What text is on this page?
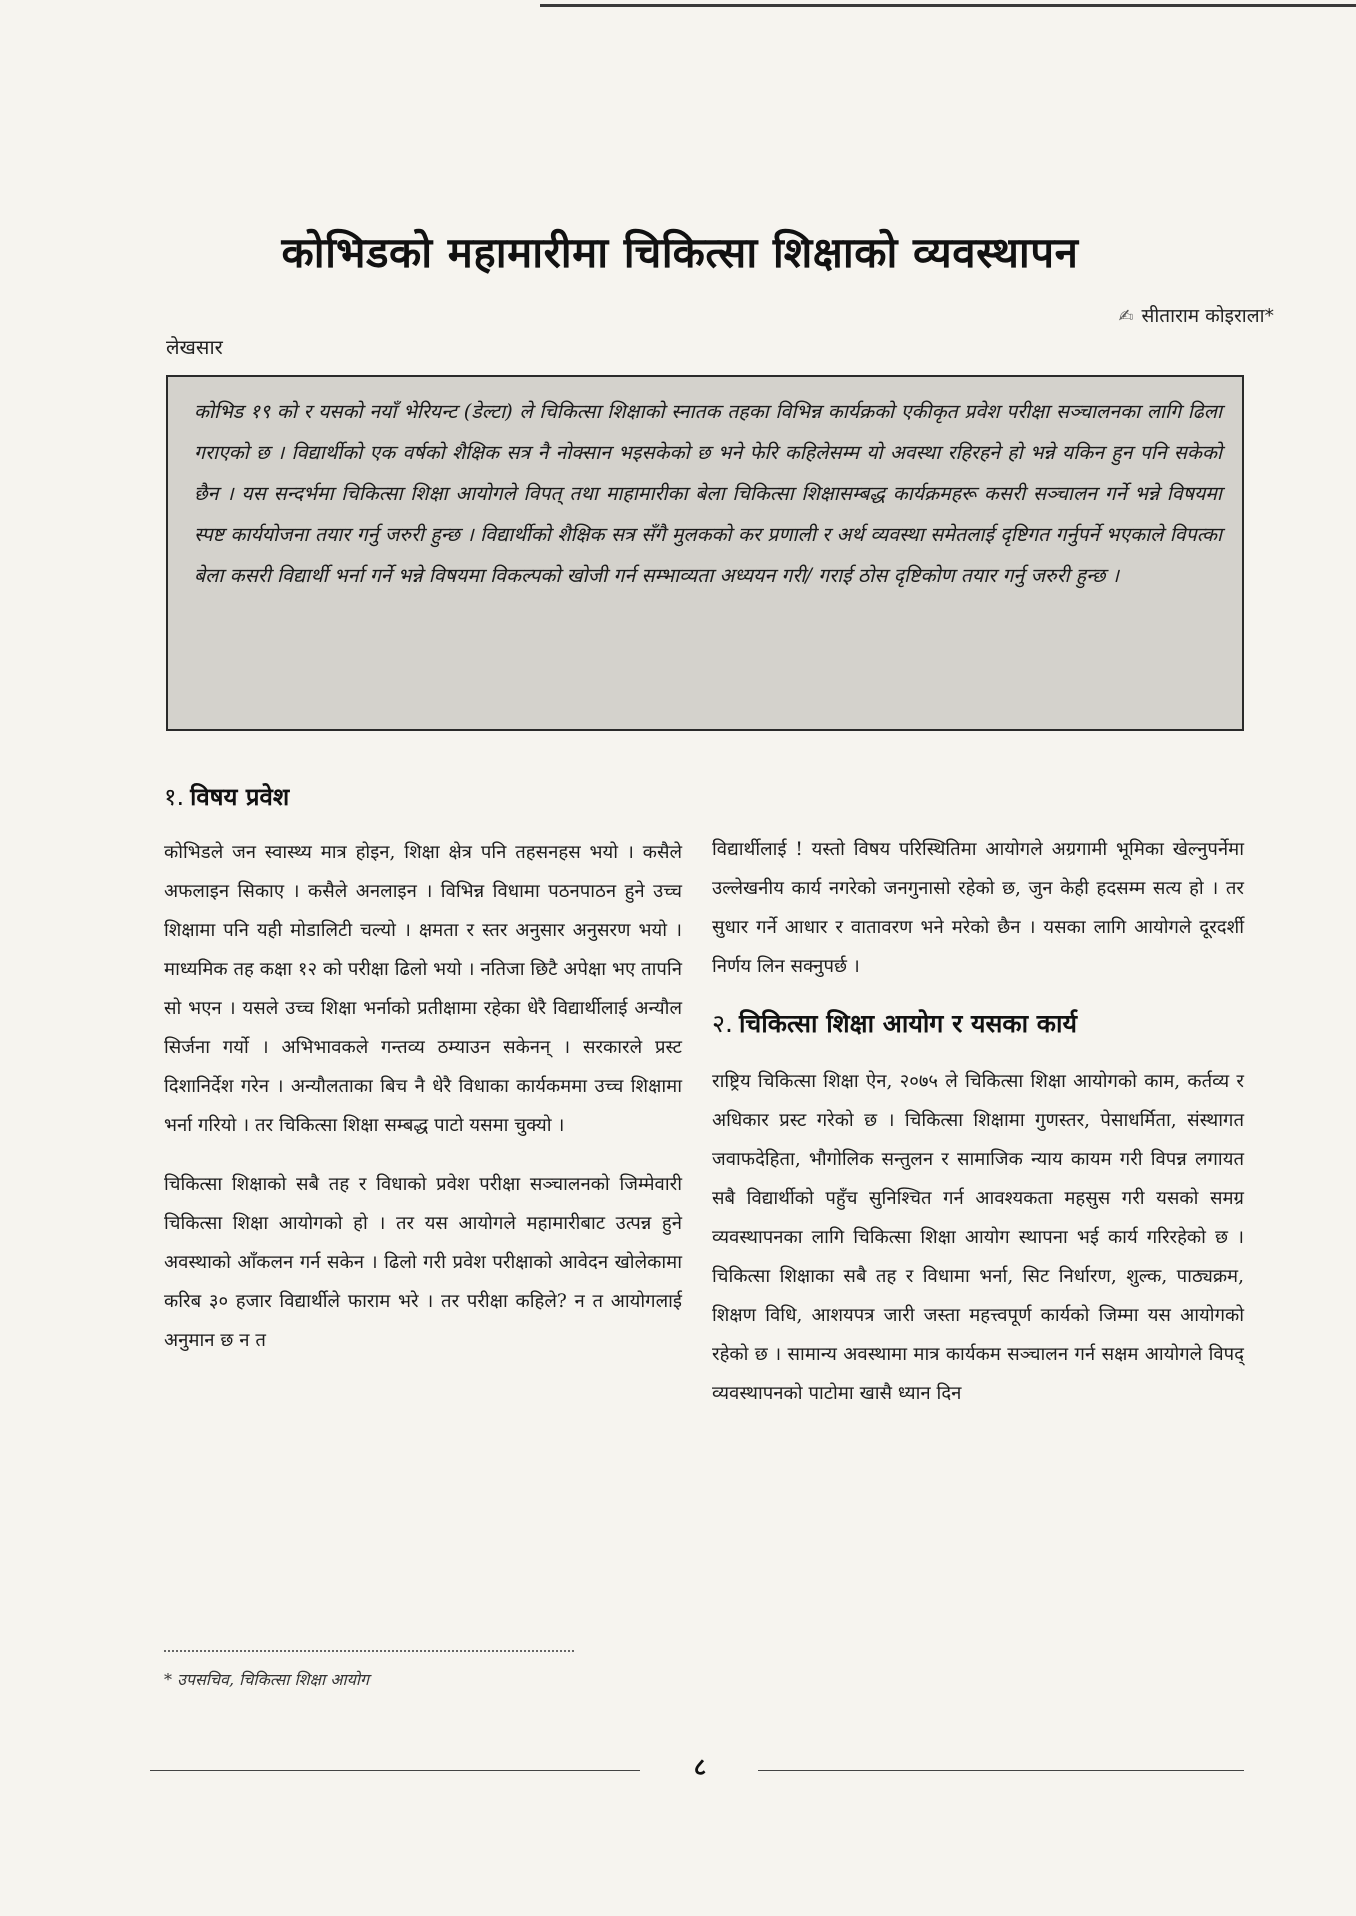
कोभिडको महामारीमा चिकित्सा शिक्षाको व्यवस्थापन
✍ सीताराम कोइराला*
लेखसार

कोभिड १९ को र यसको नयाँ भेरियन्ट (डेल्टा) ले चिकित्सा शिक्षाको स्नातक तहका विभिन्न कार्यक्रको एकीकृत प्रवेश परीक्षा सञ्चालनका लागि ढिला गराएको छ । विद्यार्थीको एक वर्षको शैक्षिक सत्र नै नोक्सान भइसकेको छ भने फेरि कहिलेसम्म यो अवस्था रहिरहने हो भन्ने यकिन हुन पनि सकेको छैन । यस सन्दर्भमा चिकित्सा शिक्षा आयोगले विपत् तथा माहामारीका बेला चिकित्सा शिक्षासम्बद्ध कार्यक्रमहरू कसरी सञ्चालन गर्ने भन्ने विषयमा स्पष्ट कार्ययोजना तयार गर्नु जरुरी हुन्छ । विद्यार्थीको शैक्षिक सत्र सँगै मुलकको कर प्रणाली र अर्थ व्यवस्था समेतलाई दृष्टिगत गर्नुपर्ने भएकाले विपत्का बेला कसरी विद्यार्थी भर्ना गर्ने भन्ने विषयमा विकल्पको खोजी गर्न सम्भाव्यता अध्ययन गरी/ गराई ठोस दृष्टिकोण तयार गर्नु जरुरी हुन्छ ।

१. विषय प्रवेश

कोभिडले जन स्वास्थ्य मात्र होइन, शिक्षा क्षेत्र पनि तहसनहस भयो । कसैले अफलाइन सिकाए । कसैले अनलाइन । विभिन्न विधामा पठनपाठन हुने उच्च शिक्षामा पनि यही मोडालिटी चल्यो । क्षमता र स्तर अनुसार अनुसरण भयो । माध्यमिक तह कक्षा १२ को परीक्षा ढिलो भयो । नतिजा छिटै अपेक्षा भए तापनि सो भएन । यसले उच्च शिक्षा भर्नाको प्रतीक्षामा रहेका धेरै विद्यार्थीलाई अन्यौल सिर्जना गर्यो । अभिभावकले गन्तव्य ठम्याउन सकेनन् । सरकारले प्रस्ट दिशानिर्देश गरेन । अन्यौलताका बिच नै धेरै विधाका कार्यकममा उच्च शिक्षामा भर्ना गरियो । तर चिकित्सा शिक्षा सम्बद्ध पाटो यसमा चुक्यो ।

चिकित्सा शिक्षाको सबै तह र विधाको प्रवेश परीक्षा सञ्चालनको जिम्मेवारी चिकित्सा शिक्षा आयोगको हो । तर यस आयोगले महामारीबाट उत्पन्न हुने अवस्थाको आँकलन गर्न सकेन । ढिलो गरी प्रवेश परीक्षाको आवेदन खोलेकामा करिब ३० हजार विद्यार्थीले फाराम भरे । तर परीक्षा कहिले? न त आयोगलाई अनुमान छ न त

विद्यार्थीलाई ! यस्तो विषय परिस्थितिमा आयोगले अग्रगामी भूमिका खेल्नुपर्नेमा उल्लेखनीय कार्य नगरेको जनगुनासो रहेको छ, जुन केही हदसम्म सत्य हो । तर सुधार गर्ने आधार र वातावरण भने मरेको छैन । यसका लागि आयोगले दूरदर्शी निर्णय लिन सक्नुपर्छ ।

२. चिकित्सा शिक्षा आयोग र यसका कार्य

राष्ट्रिय चिकित्सा शिक्षा ऐन, २०७५ ले चिकित्सा शिक्षा आयोगको काम, कर्तव्य र अधिकार प्रस्ट गरेको छ । चिकित्सा शिक्षामा गुणस्तर, पेसाधर्मिता, संस्थागत जवाफदेहिता, भौगोलिक सन्तुलन र सामाजिक न्याय कायम गरी विपन्न लगायत सबै विद्यार्थीको पहुँच सुनिश्चित गर्न आवश्यकता महसुस गरी यसको समग्र व्यवस्थापनका लागि चिकित्सा शिक्षा आयोग स्थापना भई कार्य गरिरहेको छ । चिकित्सा शिक्षाका सबै तह र विधामा भर्ना, सिट निर्धारण, शुल्क, पाठ्यक्रम, शिक्षण विधि, आशयपत्र जारी जस्ता महत्त्वपूर्ण कार्यको जिम्मा यस आयोगको रहेको छ । सामान्य अवस्थामा मात्र कार्यकम सञ्चालन गर्न सक्षम आयोगले विपद् व्यवस्थापनको पाटोमा खासै ध्यान दिन

* उपसचिव, चिकित्सा शिक्षा आयोग
८
